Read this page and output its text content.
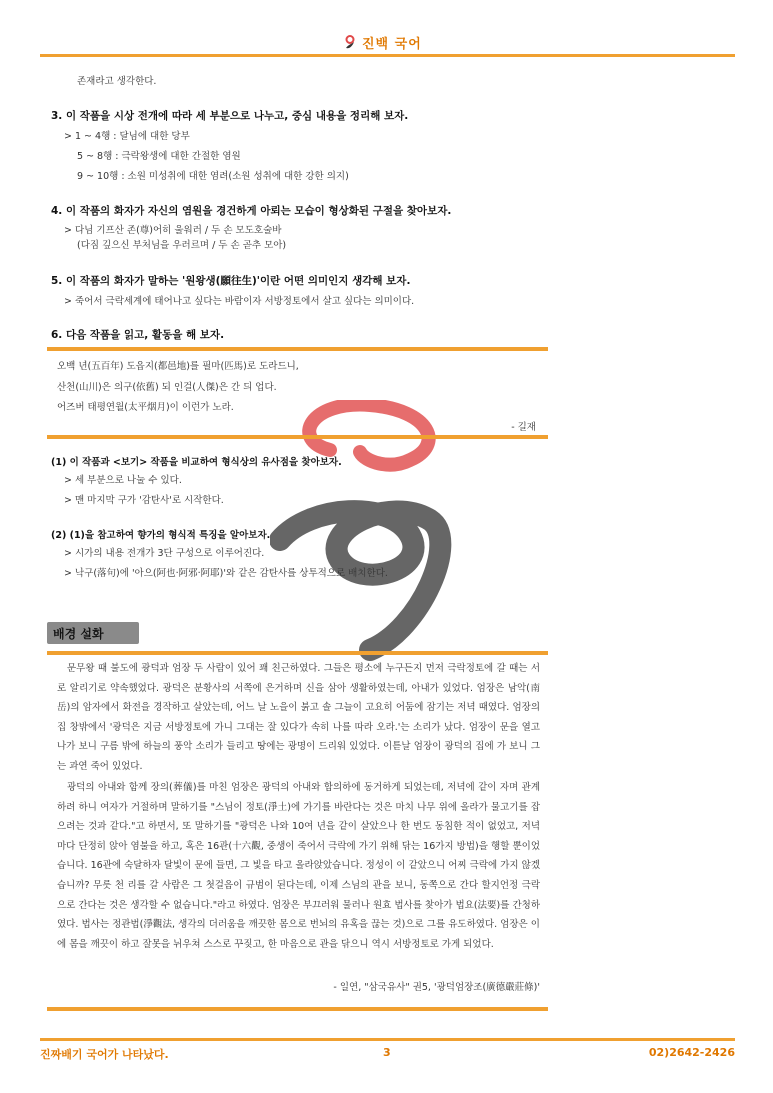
진백 국어
존재라고 생각한다.
3. 이 작품을 시상 전개에 따라 세 부분으로 나누고, 중심 내용을 정리해 보자.
> 1 ~ 4행 : 달님에 대한 당부
5 ~ 8행 : 극락왕생에 대한 간절한 염원
9 ~ 10행 : 소원 미성취에 대한 염려(소원 성취에 대한 강한 의지)
4. 이 작품의 화자가 자신의 염원을 경건하게 아뢰는 모습이 형상화된 구절을 찾아보자.
> 다님 기프산 존(尊)어히 울워러 / 두 손 모도호술바
(다짐 깊으신 부처님을 우러르며 / 두 손 곧추 모아)
5. 이 작품의 화자가 말하는 '원왕생(願往生)'이란 어떤 의미인지 생각해 보자.
> 죽어서 극락세계에 태어나고 싶다는 바람이자 서방정토에서 살고 싶다는 의미이다.
6. 다음 작품을 읽고, 활동을 해 보자.
오백 년(五百年) 도읍지(都邑地)를 필마(匹馬)로 도라드니,
산천(山川)은 의구(依舊) 되 인걸(人傑)은 간 듸 업다.
어즈버 태평연월(太平烟月)이 이런가 노라.
- 길재
(1) 이 작품과 <보기> 작품을 비교하여 형식상의 유사점을 찾아보자.
> 세 부분으로 나눌 수 있다.
> 맨 마지막 구가 '감탄사'로 시작한다.
(2) (1)을 참고하여 향가의 형식적 특징을 알아보자.
> 시가의 내용 전개가 3단 구성으로 이루어진다.
> 낙구(落句)에 '아으(阿也·阿邪·阿耶)'와 같은 감탄사를 상투적으로 배치한다.
배경 설화
문무왕 때 불도에 광덕과 엄장 두 사람이 있어 꽤 친근하였다. 그들은 평소에 누구든지 먼저 극락정토에 갈 때는 서로 알리기로 약속했었다. 광덕은 분황사의 서쪽에 은거하며 신을 삼아 생활하였는데, 아내가 있었다. 엄장은 남악(南岳)의 암자에서 화전을 경작하고 살았는데, 어느 날 노을이 붉고 솔 그늘이 고요히 어둠에 잠기는 저녁 때였다. 엄장의 집 창밖에서 '광덕은 지금 서방정토에 가니 그대는 잘 있다가 속히 나를 따라 오라.'는 소리가 났다. 엄장이 문을 열고 나가 보니 구름 밖에 하늘의 풍악 소리가 들리고 땅에는 광명이 드리워 있었다. 이튿날 엄장이 광덕의 집에 가 보니 그는 과연 죽어 있었다.
광덕의 아내와 함께 장의(葬儀)를 마친 엄장은 광덕의 아내와 합의하에 동거하게 되었는데, 저녁에 같이 자며 관계하려 하니 여자가 거절하며 말하기를 "스님이 정토(淨土)에 가기를 바란다는 것은 마치 나무 위에 올라가 물고기를 잡으려는 것과 같다."고 하면서, 또 말하기를 "광덕은 나와 10여 년을 같이 살았으나 한 번도 동침한 적이 없었고, 저녁마다 단정히 앉아 염불을 하고, 혹은 16관(十六觀, 중생이 죽어서 극락에 가기 위해 닦는 16가지 방법)을 행할 뿐이었습니다. 16관에 숙달하자 달빛이 문에 들면, 그 빛을 타고 올라앉았습니다. 정성이 이 같았으니 어찌 극락에 가지 않겠습니까? 무릇 천 리를 갈 사람은 그 첫걸음이 규범이 된다는데, 이제 스님의 관을 보니, 동쪽으로 간다 할지언정 극락으로 간다는 것은 생각할 수 없습니다."라고 하였다. 엄장은 부끄러워 물러나 원효 법사를 찾아가 법요(法要)를 간청하였다. 법사는 정관법(淨觀法, 생각의 더러움을 깨끗한 몸으로 번뇌의 유혹을 끊는 것)으로 그를 유도하였다. 엄장은 이에 몸을 깨끗이 하고 잘못을 뉘우쳐 스스로 꾸짖고, 한 마음으로 관을 닦으니 역시 서방정토로 가게 되었다.
- 일연, "삼국유사" 권5, '광덕엄장조(廣德嚴莊條)'
진짜배기 국어가 나타났다.	3	02)2642-2426
